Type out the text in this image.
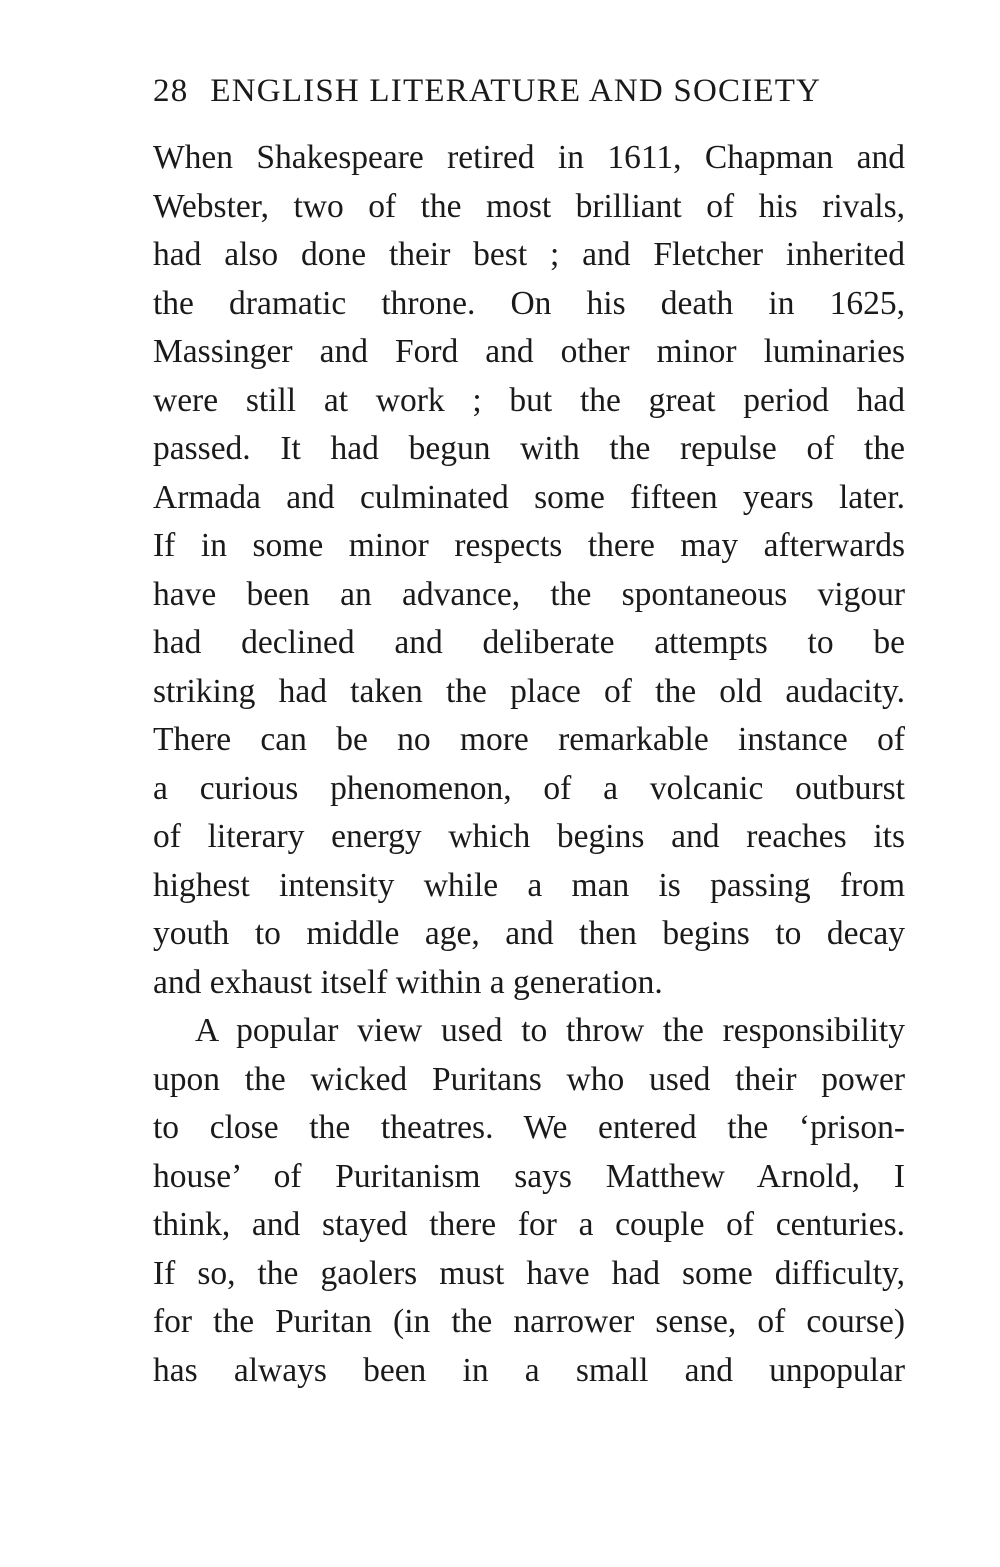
28 ENGLISH LITERATURE AND SOCIETY
When Shakespeare retired in 1611, Chapman and
Webster, two of the most brilliant of his rivals,
had also done their best ; and Fletcher inherited
the dramatic throne. On his death in 1625,
Massinger and Ford and other minor luminaries
were still at work ; but the great period had
passed. It had begun with the repulse of the
Armada and culminated some fifteen years later.
If in some minor respects there may afterwards
have been an advance, the spontaneous vigour
had declined and deliberate attempts to be
striking had taken the place of the old audacity.
There can be no more remarkable instance of
a curious phenomenon, of a volcanic outburst
of literary energy which begins and reaches its
highest intensity while a man is passing from
youth to middle age, and then begins to decay
and exhaust itself within a generation.
A popular view used to throw the responsibility
upon the wicked Puritans who used their power
to close the theatres. We entered the ‘prison-
house’ of Puritanism says Matthew Arnold, I
think, and stayed there for a couple of centuries.
If so, the gaolers must have had some difficulty,
for the Puritan (in the narrower sense, of course)
has always been in a small and unpopular
